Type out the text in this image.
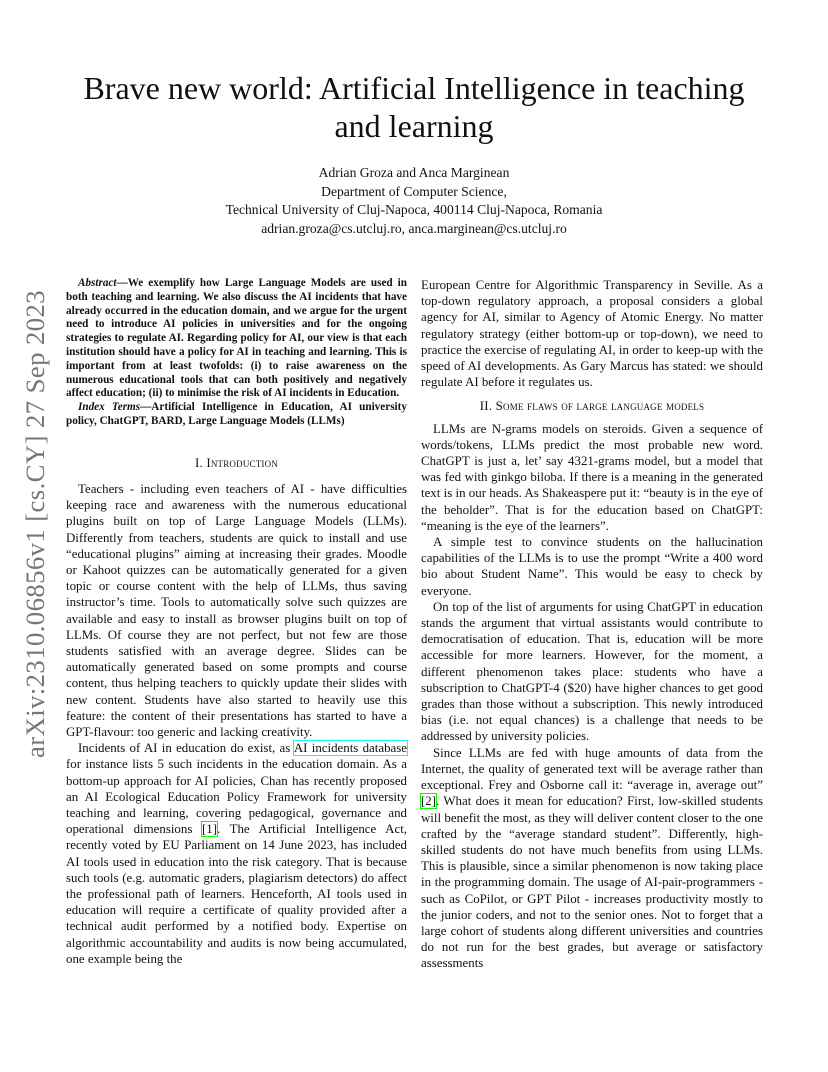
arXiv:2310.06856v1 [cs.CY] 27 Sep 2023
Brave new world: Artificial Intelligence in teaching and learning
Adrian Groza and Anca Marginean
Department of Computer Science,
Technical University of Cluj-Napoca, 400114 Cluj-Napoca, Romania
adrian.groza@cs.utcluj.ro, anca.marginean@cs.utcluj.ro

Abstract—We exemplify how Large Language Models are used in both teaching and learning. We also discuss the AI incidents that have already occurred in the education domain, and we argue for the urgent need to introduce AI policies in universities and for the ongoing strategies to regulate AI. Regarding policy for AI, our view is that each institution should have a policy for AI in teaching and learning. This is important from at least twofolds: (i) to raise awareness on the numerous educational tools that can both positively and negatively affect education; (ii) to minimise the risk of AI incidents in Education.

Index Terms—Artificial Intelligence in Education, AI university policy, ChatGPT, BARD, Large Language Models (LLMs)

I. Introduction

Teachers - including even teachers of AI - have difficulties keeping race and awareness with the numerous educational plugins built on top of Large Language Models (LLMs). Differently from teachers, students are quick to install and use “educational plugins” aiming at increasing their grades. Moodle or Kahoot quizzes can be automatically generated for a given topic or course content with the help of LLMs, thus saving instructor’s time. Tools to automatically solve such quizzes are available and easy to install as browser plugins built on top of LLMs. Of course they are not perfect, but not few are those students satisfied with an average degree. Slides can be automatically generated based on some prompts and course content, thus helping teachers to quickly update their slides with new content. Students have also started to heavily use this feature: the content of their presentations has started to have a GPT-flavour: too generic and lacking creativity.

Incidents of AI in education do exist, as AI incidents database for instance lists 5 such incidents in the education domain. As a bottom-up approach for AI policies, Chan has recently proposed an AI Ecological Education Policy Framework for university teaching and learning, covering pedagogical, governance and operational dimensions [1]. The Artificial Intelligence Act, recently voted by EU Parliament on 14 June 2023, has included AI tools used in education into the risk category. That is because such tools (e.g. automatic graders, plagiarism detectors) do affect the professional path of learners. Henceforth, AI tools used in education will require a certificate of quality provided after a technical audit performed by a notified body. Expertise on algorithmic accountability and audits is now being accumulated, one example being the

European Centre for Algorithmic Transparency in Seville. As a top-down regulatory approach, a proposal considers a global agency for AI, similar to Agency of Atomic Energy. No matter regulatory strategy (either bottom-up or top-down), we need to practice the exercise of regulating AI, in order to keep-up with the speed of AI developments. As Gary Marcus has stated: we should regulate AI before it regulates us.

II. Some flaws of large language models

LLMs are N-grams models on steroids. Given a sequence of words/tokens, LLMs predict the most probable new word. ChatGPT is just a, let’ say 4321-grams model, but a model that was fed with ginkgo biloba. If there is a meaning in the generated text is in our heads. As Shakeaspere put it: “beauty is in the eye of the beholder”. That is for the education based on ChatGPT: “meaning is the eye of the learners”.

A simple test to convince students on the hallucination capabilities of the LLMs is to use the prompt “Write a 400 word bio about Student Name”. This would be easy to check by everyone.

On top of the list of arguments for using ChatGPT in education stands the argument that virtual assistants would contribute to democratisation of education. That is, education will be more accessible for more learners. However, for the moment, a different phenomenon takes place: students who have a subscription to ChatGPT-4 ($20) have higher chances to get good grades than those without a subscription. This newly introduced bias (i.e. not equal chances) is a challenge that needs to be addressed by university policies.

Since LLMs are fed with huge amounts of data from the Internet, the quality of generated text will be average rather than exceptional. Frey and Osborne call it: “average in, average out” [2]. What does it mean for education? First, low-skilled students will benefit the most, as they will deliver content closer to the one crafted by the “average standard student”. Differently, high-skilled students do not have much benefits from using LLMs. This is plausible, since a similar phenomenon is now taking place in the programming domain. The usage of AI-pair-programmers - such as CoPilot, or GPT Pilot - increases productivity mostly to the junior coders, and not to the senior ones. Not to forget that a large cohort of students along different universities and countries do not run for the best grades, but average or satisfactory assessments
